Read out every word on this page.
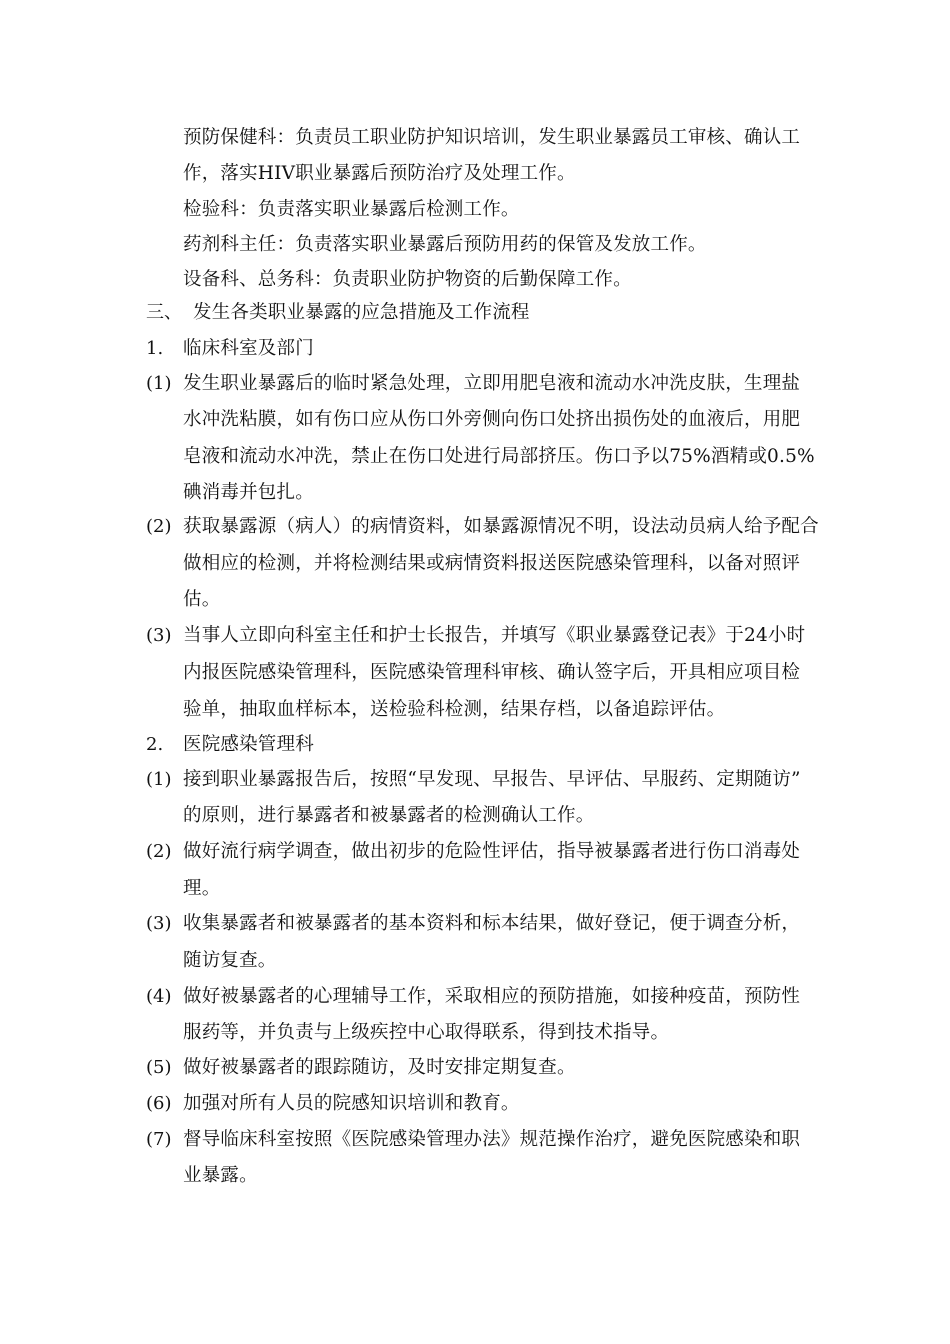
预防保健科：负责员工职业防护知识培训，发生职业暴露员工审核、确认工
作，落实HIV职业暴露后预防治疗及处理工作。
检验科：负责落实职业暴露后检测工作。
药剂科主任：负责落实职业暴露后预防用药的保管及发放工作。
设备科、总务科：负责职业防护物资的后勤保障工作。
三、 发生各类职业暴露的应急措施及工作流程
1. 临床科室及部门
(1) 发生职业暴露后的临时紧急处理，立即用肥皂液和流动水冲洗皮肤，生理盐
水冲洗粘膜，如有伤口应从伤口外旁侧向伤口处挤出损伤处的血液后，用肥
皂液和流动水冲洗，禁止在伤口处进行局部挤压。伤口予以75%酒精或0.5%
碘消毒并包扎。
(2) 获取暴露源（病人）的病情资料，如暴露源情况不明，设法动员病人给予配合
做相应的检测，并将检测结果或病情资料报送医院感染管理科，以备对照评
估。
(3) 当事人立即向科室主任和护士长报告，并填写《职业暴露登记表》于24小时
内报医院感染管理科，医院感染管理科审核、确认签字后，开具相应项目检
验单，抽取血样标本，送检验科检测，结果存档，以备追踪评估。
2. 医院感染管理科
(1) 接到职业暴露报告后，按照“早发现、早报告、早评估、早服药、定期随访”
的原则，进行暴露者和被暴露者的检测确认工作。
(2) 做好流行病学调查，做出初步的危险性评估，指导被暴露者进行伤口消毒处
理。
(3) 收集暴露者和被暴露者的基本资料和标本结果，做好登记，便于调查分析，
随访复查。
(4) 做好被暴露者的心理辅导工作，采取相应的预防措施，如接种疫苗，预防性
服药等，并负责与上级疾控中心取得联系，得到技术指导。
(5) 做好被暴露者的跟踪随访，及时安排定期复查。
(6) 加强对所有人员的院感知识培训和教育。
(7) 督导临床科室按照《医院感染管理办法》规范操作治疗，避免医院感染和职
业暴露。
